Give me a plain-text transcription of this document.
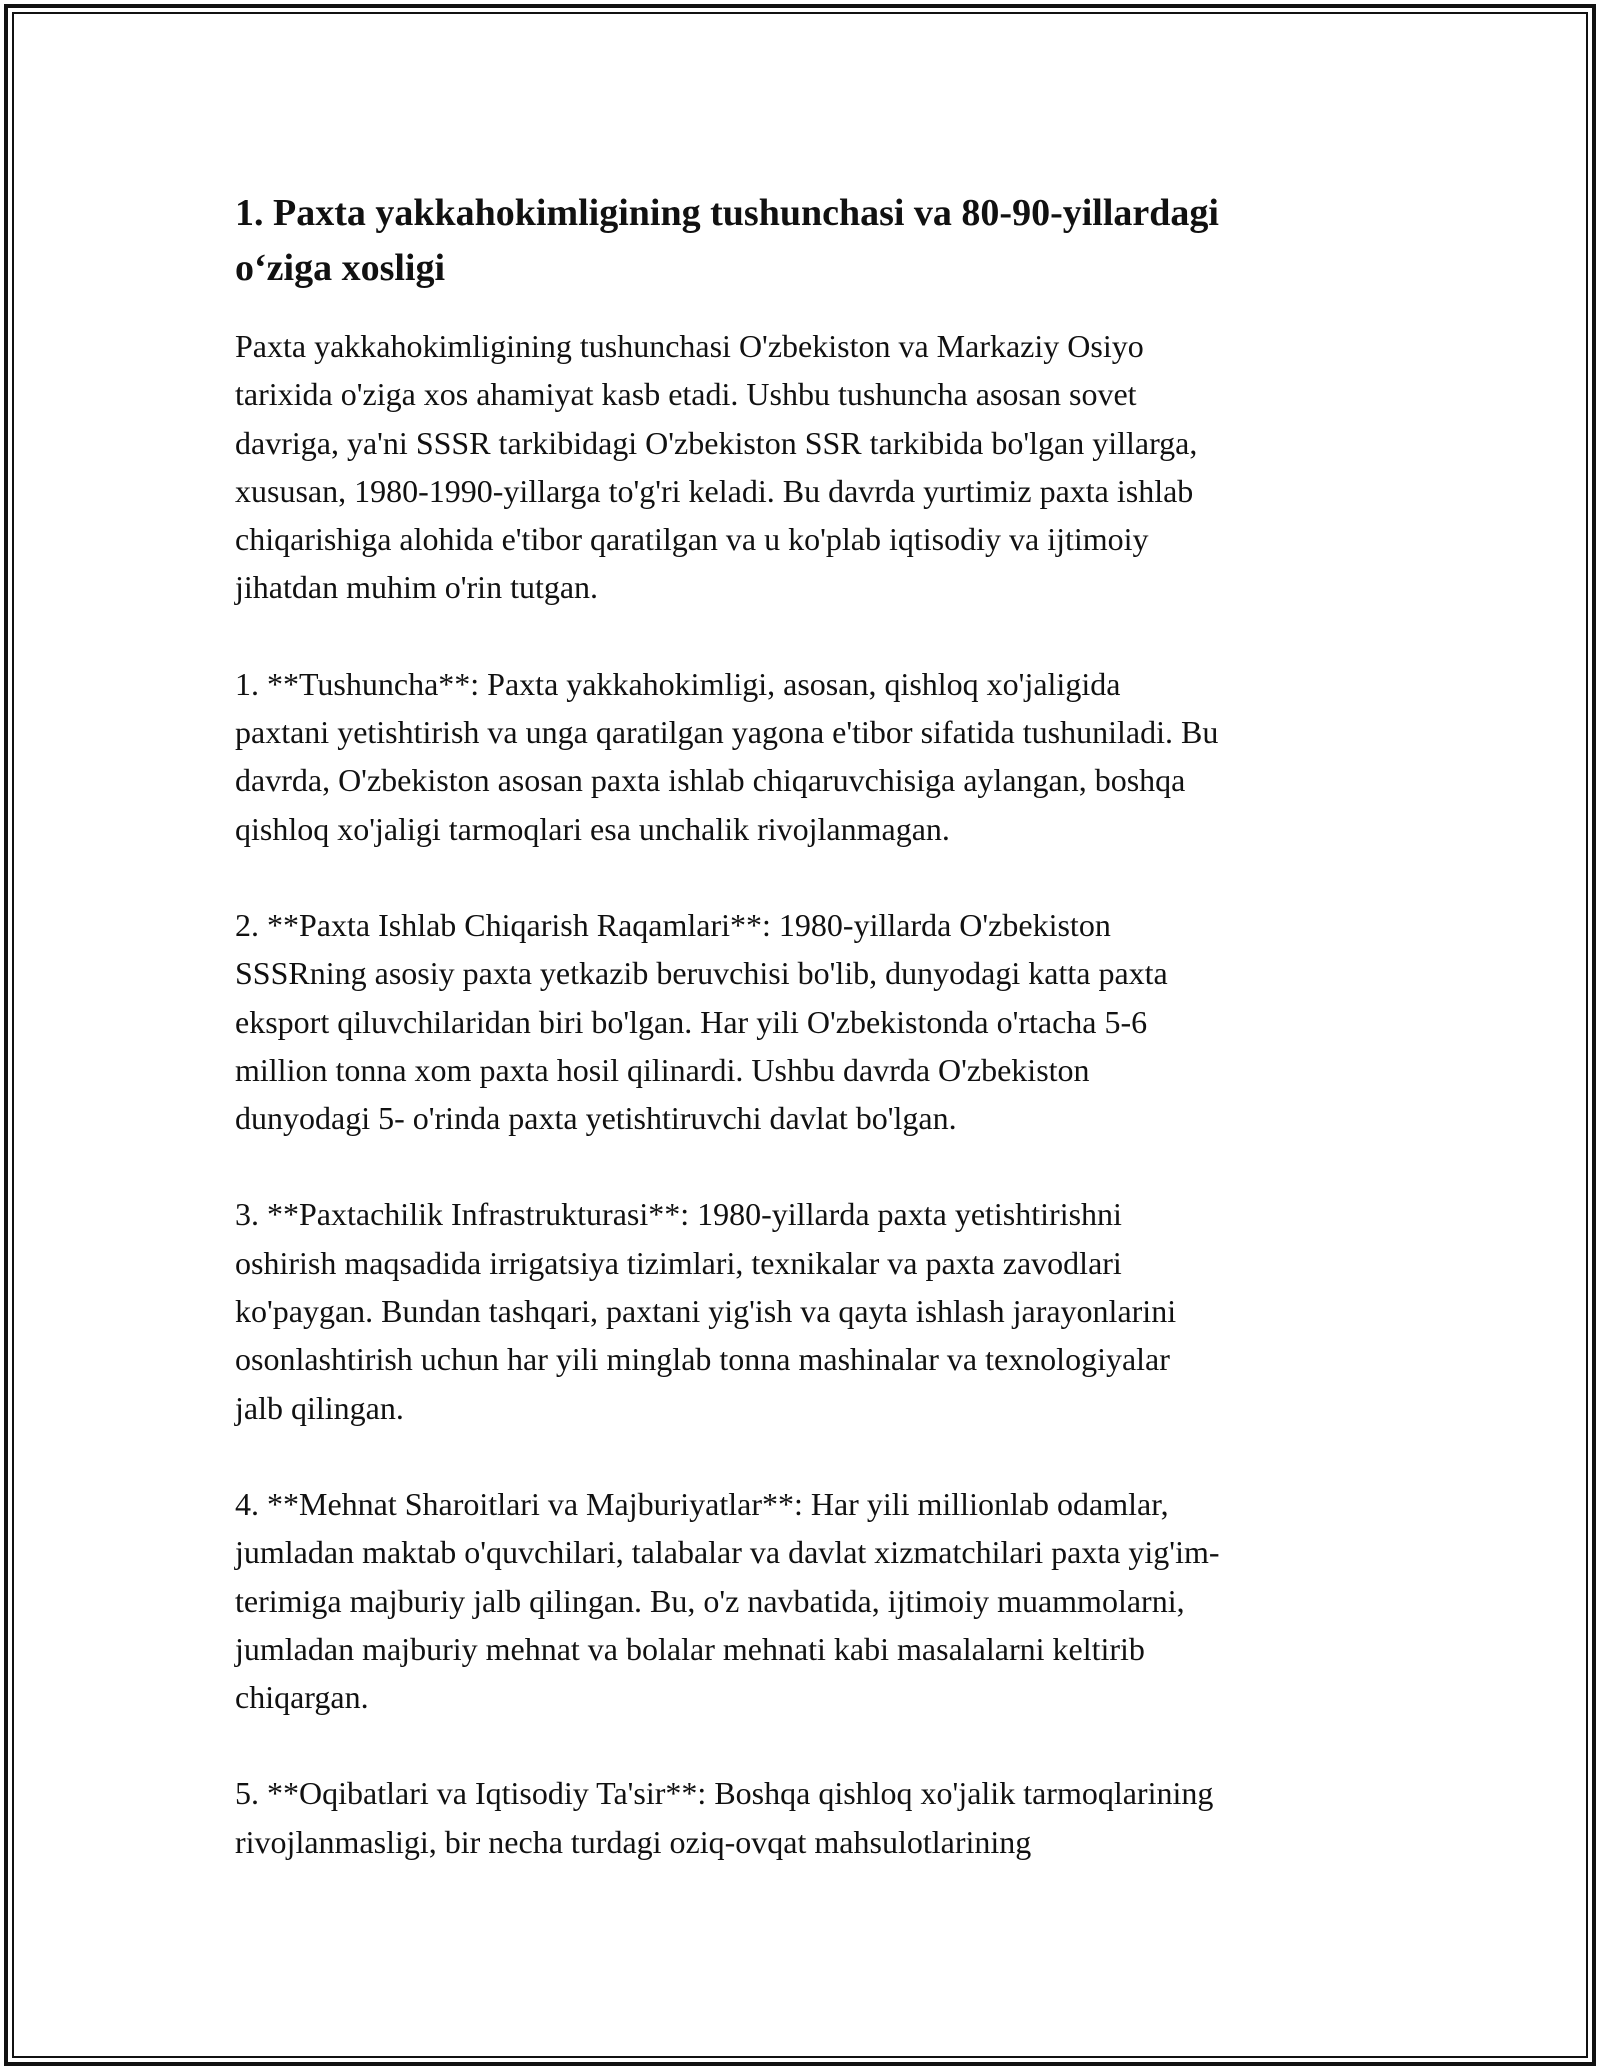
1. Paxta yakkahokimligining tushunchasi va 80-90-yillardagi
o‘ziga xosligi

Paxta yakkahokimligining tushunchasi O'zbekiston va Markaziy Osiyo
tarixida o'ziga xos ahamiyat kasb etadi. Ushbu tushuncha asosan sovet
davriga, ya'ni SSSR tarkibidagi O'zbekiston SSR tarkibida bo'lgan yillarga,
xususan, 1980-1990-yillarga to'g'ri keladi. Bu davrda yurtimiz paxta ishlab
chiqarishiga alohida e'tibor qaratilgan va u ko'plab iqtisodiy va ijtimoiy
jihatdan muhim o'rin tutgan.

1. **Tushuncha**: Paxta yakkahokimligi, asosan, qishloq xo'jaligida
paxtani yetishtirish va unga qaratilgan yagona e'tibor sifatida tushuniladi. Bu
davrda, O'zbekiston asosan paxta ishlab chiqaruvchisiga aylangan, boshqa
qishloq xo'jaligi tarmoqlari esa unchalik rivojlanmagan.

2. **Paxta Ishlab Chiqarish Raqamlari**: 1980-yillarda O'zbekiston
SSSRning asosiy paxta yetkazib beruvchisi bo'lib, dunyodagi katta paxta
eksport qiluvchilaridan biri bo'lgan. Har yili O'zbekistonda o'rtacha 5-6
million tonna xom paxta hosil qilinardi. Ushbu davrda O'zbekiston
dunyodagi 5- o'rinda paxta yetishtiruvchi davlat bo'lgan.

3. **Paxtachilik Infrastrukturasi**: 1980-yillarda paxta yetishtirishni
oshirish maqsadida irrigatsiya tizimlari, texnikalar va paxta zavodlari
ko'paygan. Bundan tashqari, paxtani yig'ish va qayta ishlash jarayonlarini
osonlashtirish uchun har yili minglab tonna mashinalar va texnologiyalar
jalb qilingan.

4. **Mehnat Sharoitlari va Majburiyatlar**: Har yili millionlab odamlar,
jumladan maktab o'quvchilari, talabalar va davlat xizmatchilari paxta yig'im-
terimiga majburiy jalb qilingan. Bu, o'z navbatida, ijtimoiy muammolarni,
jumladan majburiy mehnat va bolalar mehnati kabi masalalarni keltirib
chiqargan.

5. **Oqibatlari va Iqtisodiy Ta'sir**: Boshqa qishloq xo'jalik tarmoqlarining
rivojlanmasligi, bir necha turdagi oziq-ovqat mahsulotlarining
